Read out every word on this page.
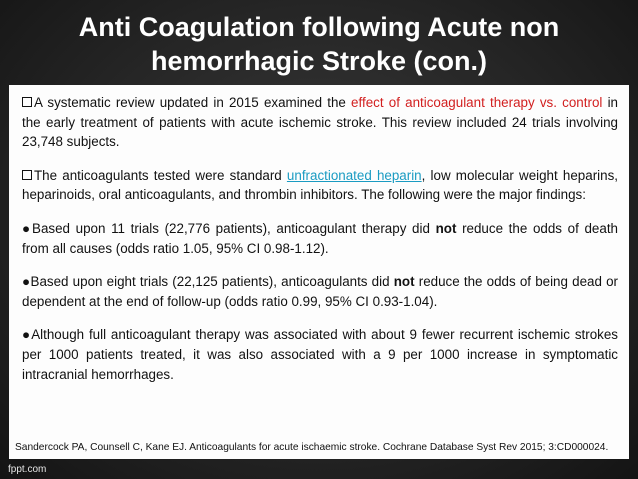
Anti Coagulation following Acute non
hemorrhagic Stroke (con.)

A systematic review updated in 2015 examined the effect of anticoagulant therapy vs. control in the early treatment of patients with acute ischemic stroke. This review included 24 trials involving 23,748 subjects.

The anticoagulants tested were standard unfractionated heparin, low molecular weight heparins, heparinoids, oral anticoagulants, and thrombin inhibitors. The following were the major findings:

●Based upon 11 trials (22,776 patients), anticoagulant therapy did not reduce the odds of death from all causes (odds ratio 1.05, 95% CI 0.98-1.12).

●Based upon eight trials (22,125 patients), anticoagulants did not reduce the odds of being dead or dependent at the end of follow-up (odds ratio 0.99, 95% CI 0.93-1.04).

●Although full anticoagulant therapy was associated with about 9 fewer recurrent ischemic strokes per 1000 patients treated, it was also associated with a 9 per 1000 increase in symptomatic intracranial hemorrhages.

Sandercock PA, Counsell C, Kane EJ. Anticoagulants for acute ischaemic stroke. Cochrane Database Syst Rev 2015; 3:CD000024.
fppt.com
